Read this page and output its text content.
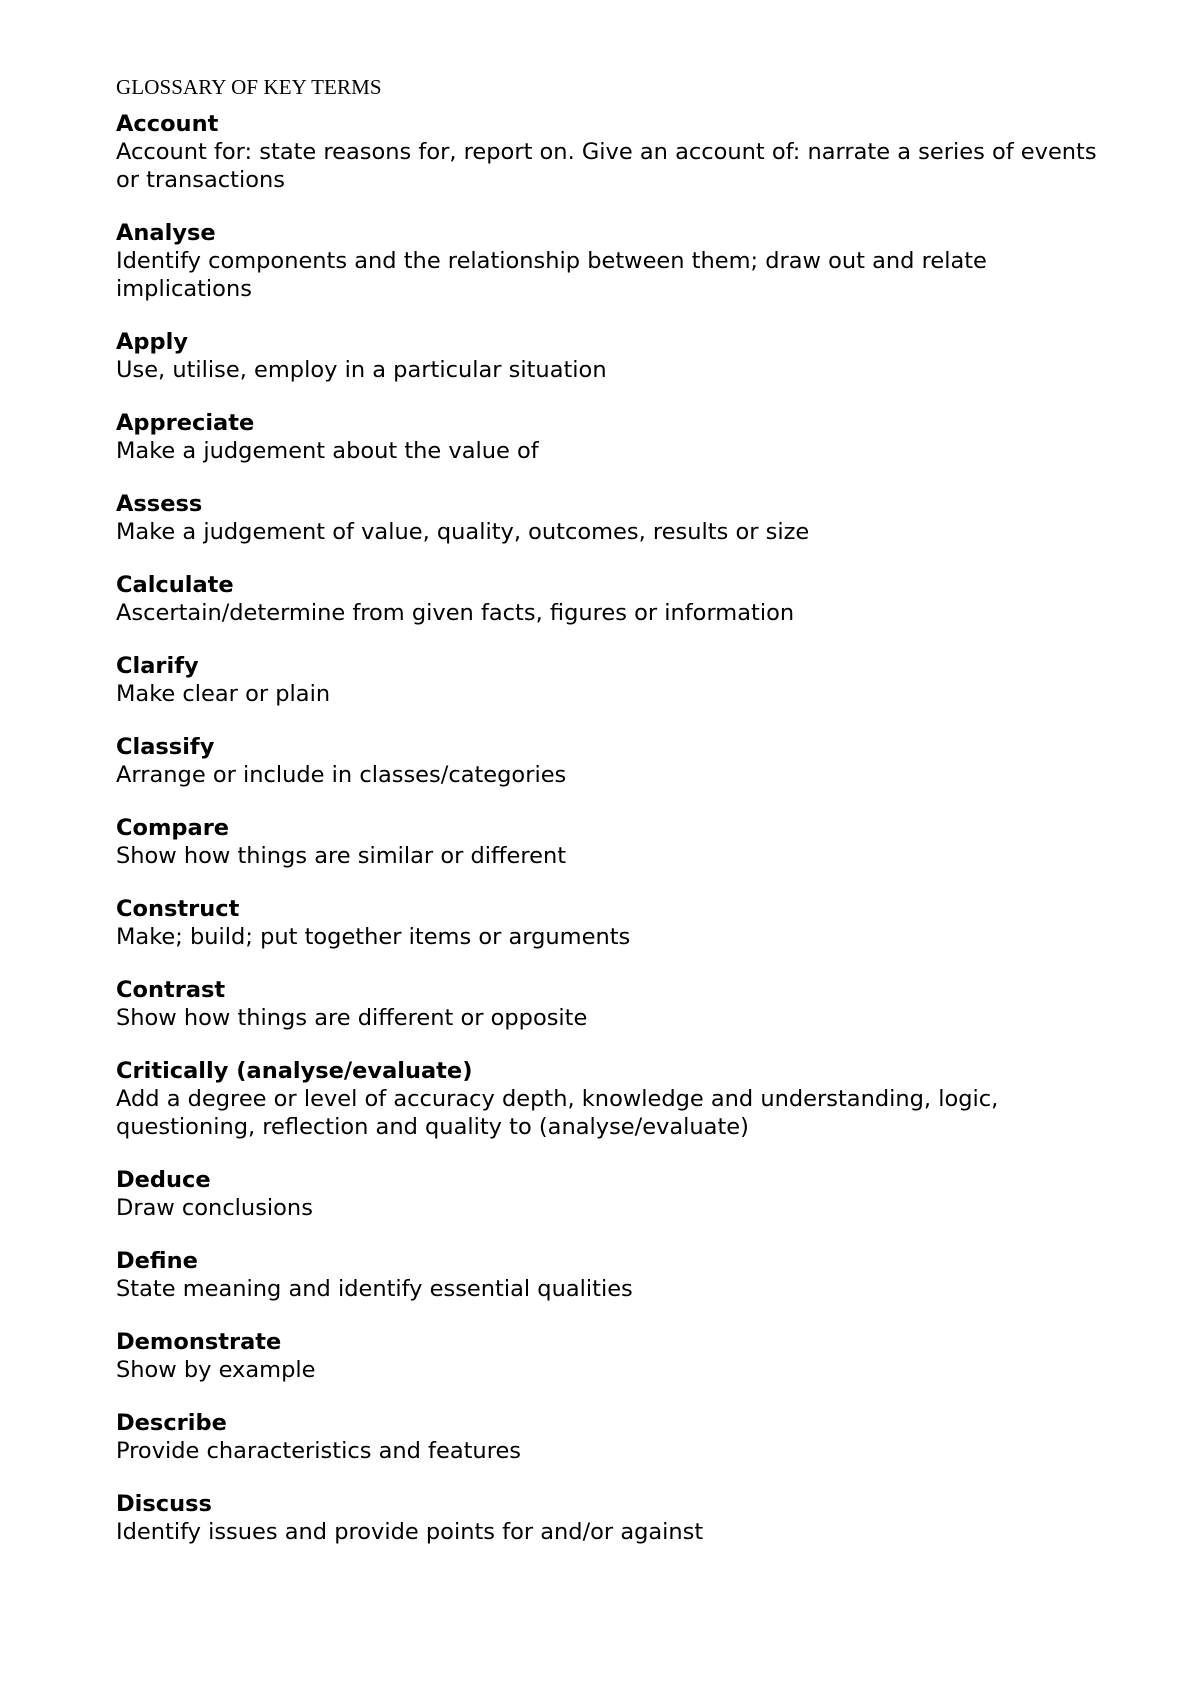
GLOSSARY OF KEY TERMS
Account
Account for: state reasons for, report on. Give an account of: narrate a series of events or transactions
Analyse
Identify components and the relationship between them; draw out and relate implications
Apply
Use, utilise, employ in a particular situation
Appreciate
Make a judgement about the value of
Assess
Make a judgement of value, quality, outcomes, results or size
Calculate
Ascertain/determine from given facts, figures or information
Clarify
Make clear or plain
Classify
Arrange or include in classes/categories
Compare
Show how things are similar or different
Construct
Make; build; put together items or arguments
Contrast
Show how things are different or opposite
Critically (analyse/evaluate)
Add a degree or level of accuracy depth, knowledge and understanding, logic, questioning, reflection and quality to (analyse/evaluate)
Deduce
Draw conclusions
Define
State meaning and identify essential qualities
Demonstrate
Show by example
Describe
Provide characteristics and features
Discuss
Identify issues and provide points for and/or against
